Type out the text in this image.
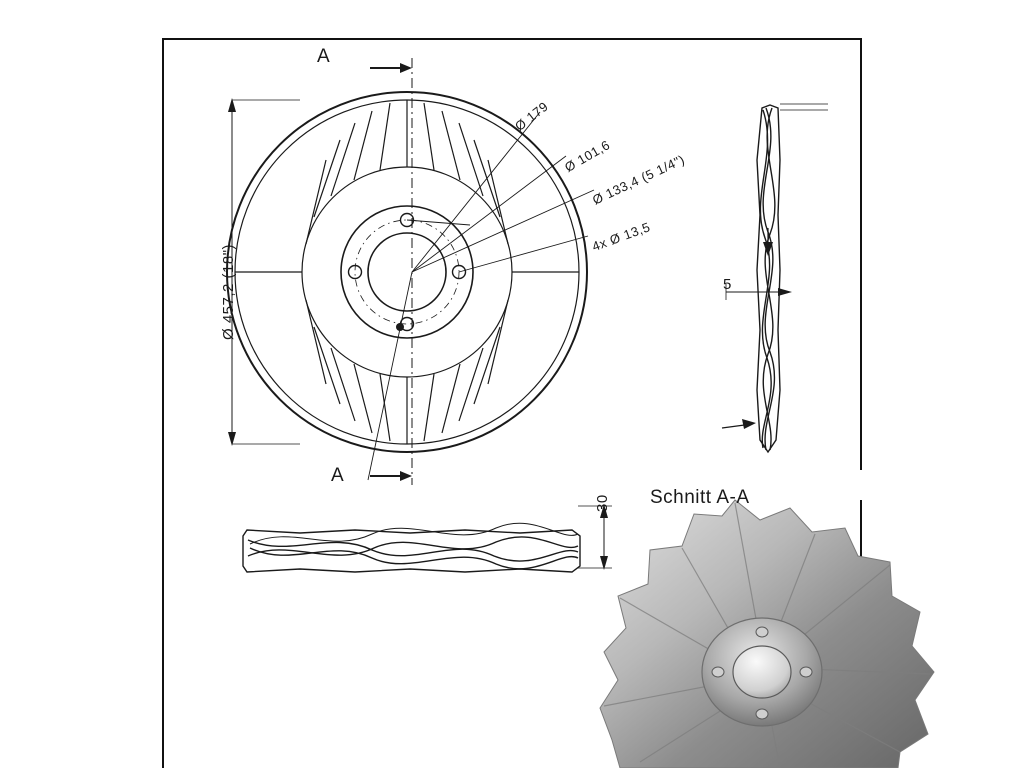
A
A
Ø 457,2 (18")
Ø 179
Ø 101,6
Ø 133,4 (5 1/4")
4x Ø 13,5
5
30 Schnitt A-A
